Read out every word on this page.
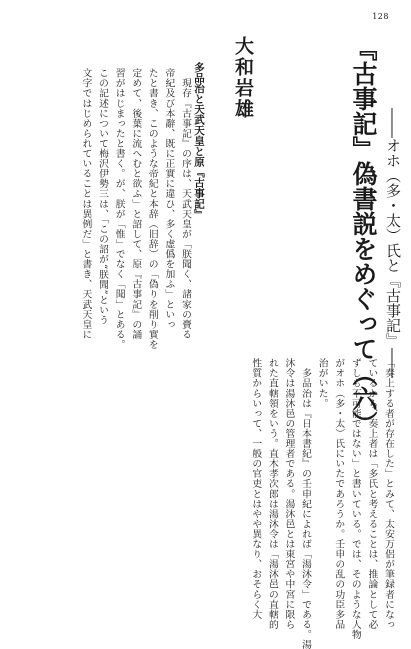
128
『古事記』偽書説をめぐって（六） ――オホ（多・太）氏と『古事記』――
大和岩雄
多品治と天武天皇と原『古事記』
　現存『古事記』の序は、天武天皇が「朕聞く、諸家の賷る
帝紀及び本辭、既に正實に違ひ、多く虚僞を加ふ」といっ
たと書き、このような帝紀と本辞（旧辞）の「偽りを削り實を
定めて、後葉に流へむと欲ふ」と詔して、原『古事記』の誦
習がはじまったと書く。が、朕が「惟」でなく「聞」とある。
この記述について梅沢伊勢三は、「この詔が“朕聞”という
文字ではじめられていることは異例だ」と書き、天武天皇に
「奏上する者が存在した」とみて、太安万侶が筆録者になっ
ているから、奏上者は「多氏と考えることは、推論として必
ずしも不可能ではない」と書いている。では、そのような人物
がオホ（多・太）氏にいたであろうか。壬申の乱の功臣多品
治がいた。
　多品治は『日本書紀』の壬申紀によれば「湯沐令」である。湯
沐令は湯沐邑の管理者である。湯沐邑とは東宮や中宮に限ら
れた直轄領をいう。直木孝次郎は湯沐令は「湯沐邑の直轄的
性質からいって、一般の官吏とはやや異なり、おそらく大
